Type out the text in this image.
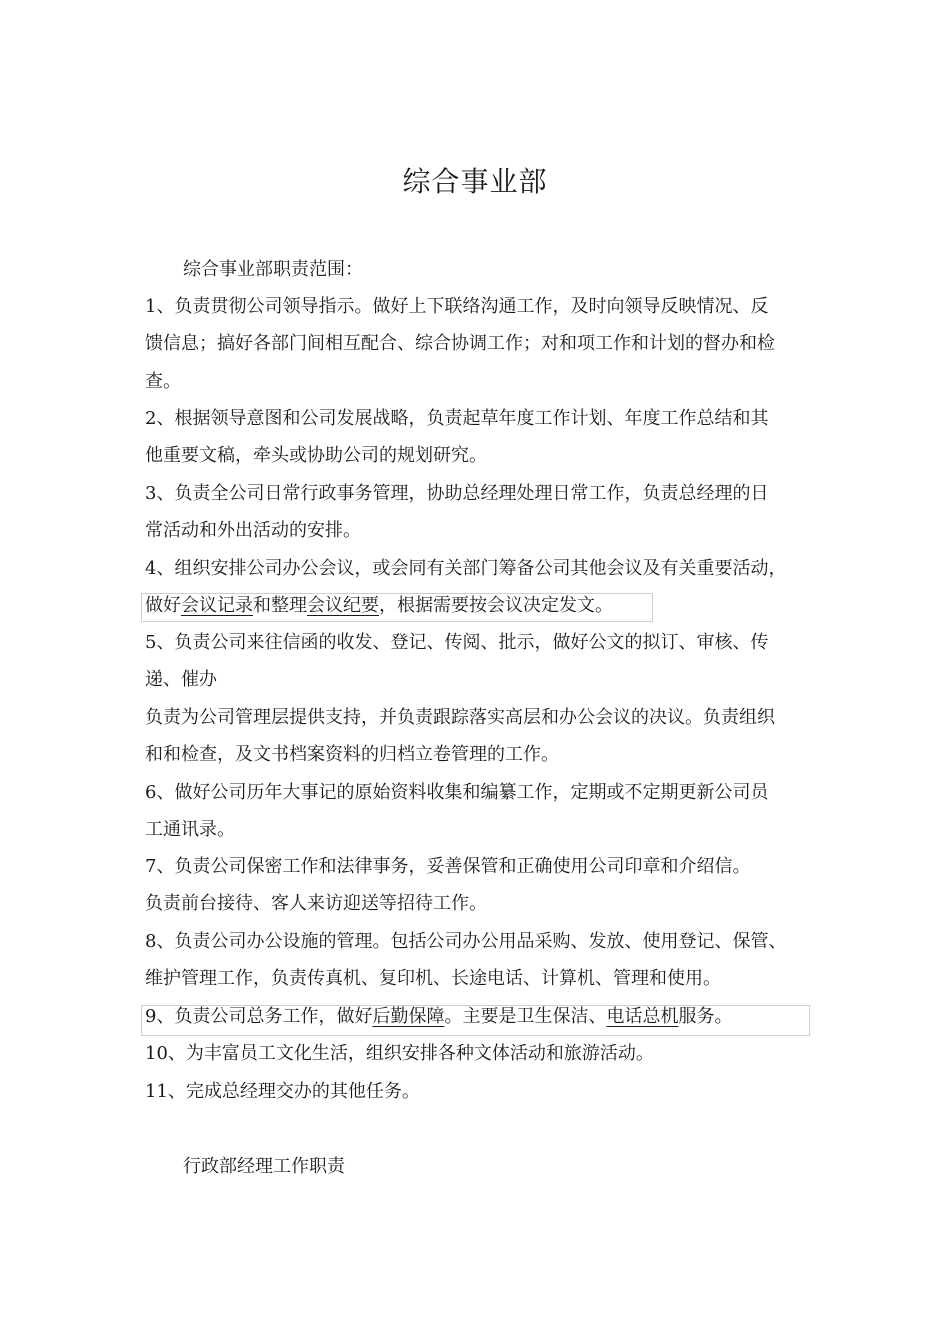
综合事业部
综合事业部职责范围：
1、负责贯彻公司领导指示。做好上下联络沟通工作，及时向领导反映情况、反
馈信息；搞好各部门间相互配合、综合协调工作；对和项工作和计划的督办和检
查。
2、根据领导意图和公司发展战略，负责起草年度工作计划、年度工作总结和其
他重要文稿，牵头或协助公司的规划研究。
3、负责全公司日常行政事务管理，协助总经理处理日常工作，负责总经理的日
常活动和外出活动的安排。
4、组织安排公司办公会议，或会同有关部门筹备公司其他会议及有关重要活动，
做好会议记录和整理会议纪要，根据需要按会议决定发文。
5、负责公司来往信函的收发、登记、传阅、批示，做好公文的拟订、审核、传
递、催办
负责为公司管理层提供支持，并负责跟踪落实高层和办公会议的决议。负责组织
和和检查，及文书档案资料的归档立卷管理的工作。
6、做好公司历年大事记的原始资料收集和编纂工作，定期或不定期更新公司员
工通讯录。
7、负责公司保密工作和法律事务，妥善保管和正确使用公司印章和介绍信。
负责前台接待、客人来访迎送等招待工作。
8、负责公司办公设施的管理。包括公司办公用品采购、发放、使用登记、保管、
维护管理工作，负责传真机、复印机、长途电话、计算机、管理和使用。
9、负责公司总务工作，做好后勤保障。主要是卫生保洁、电话总机服务。
10、为丰富员工文化生活，组织安排各种文体活动和旅游活动。
11、完成总经理交办的其他任务。
行政部经理工作职责
